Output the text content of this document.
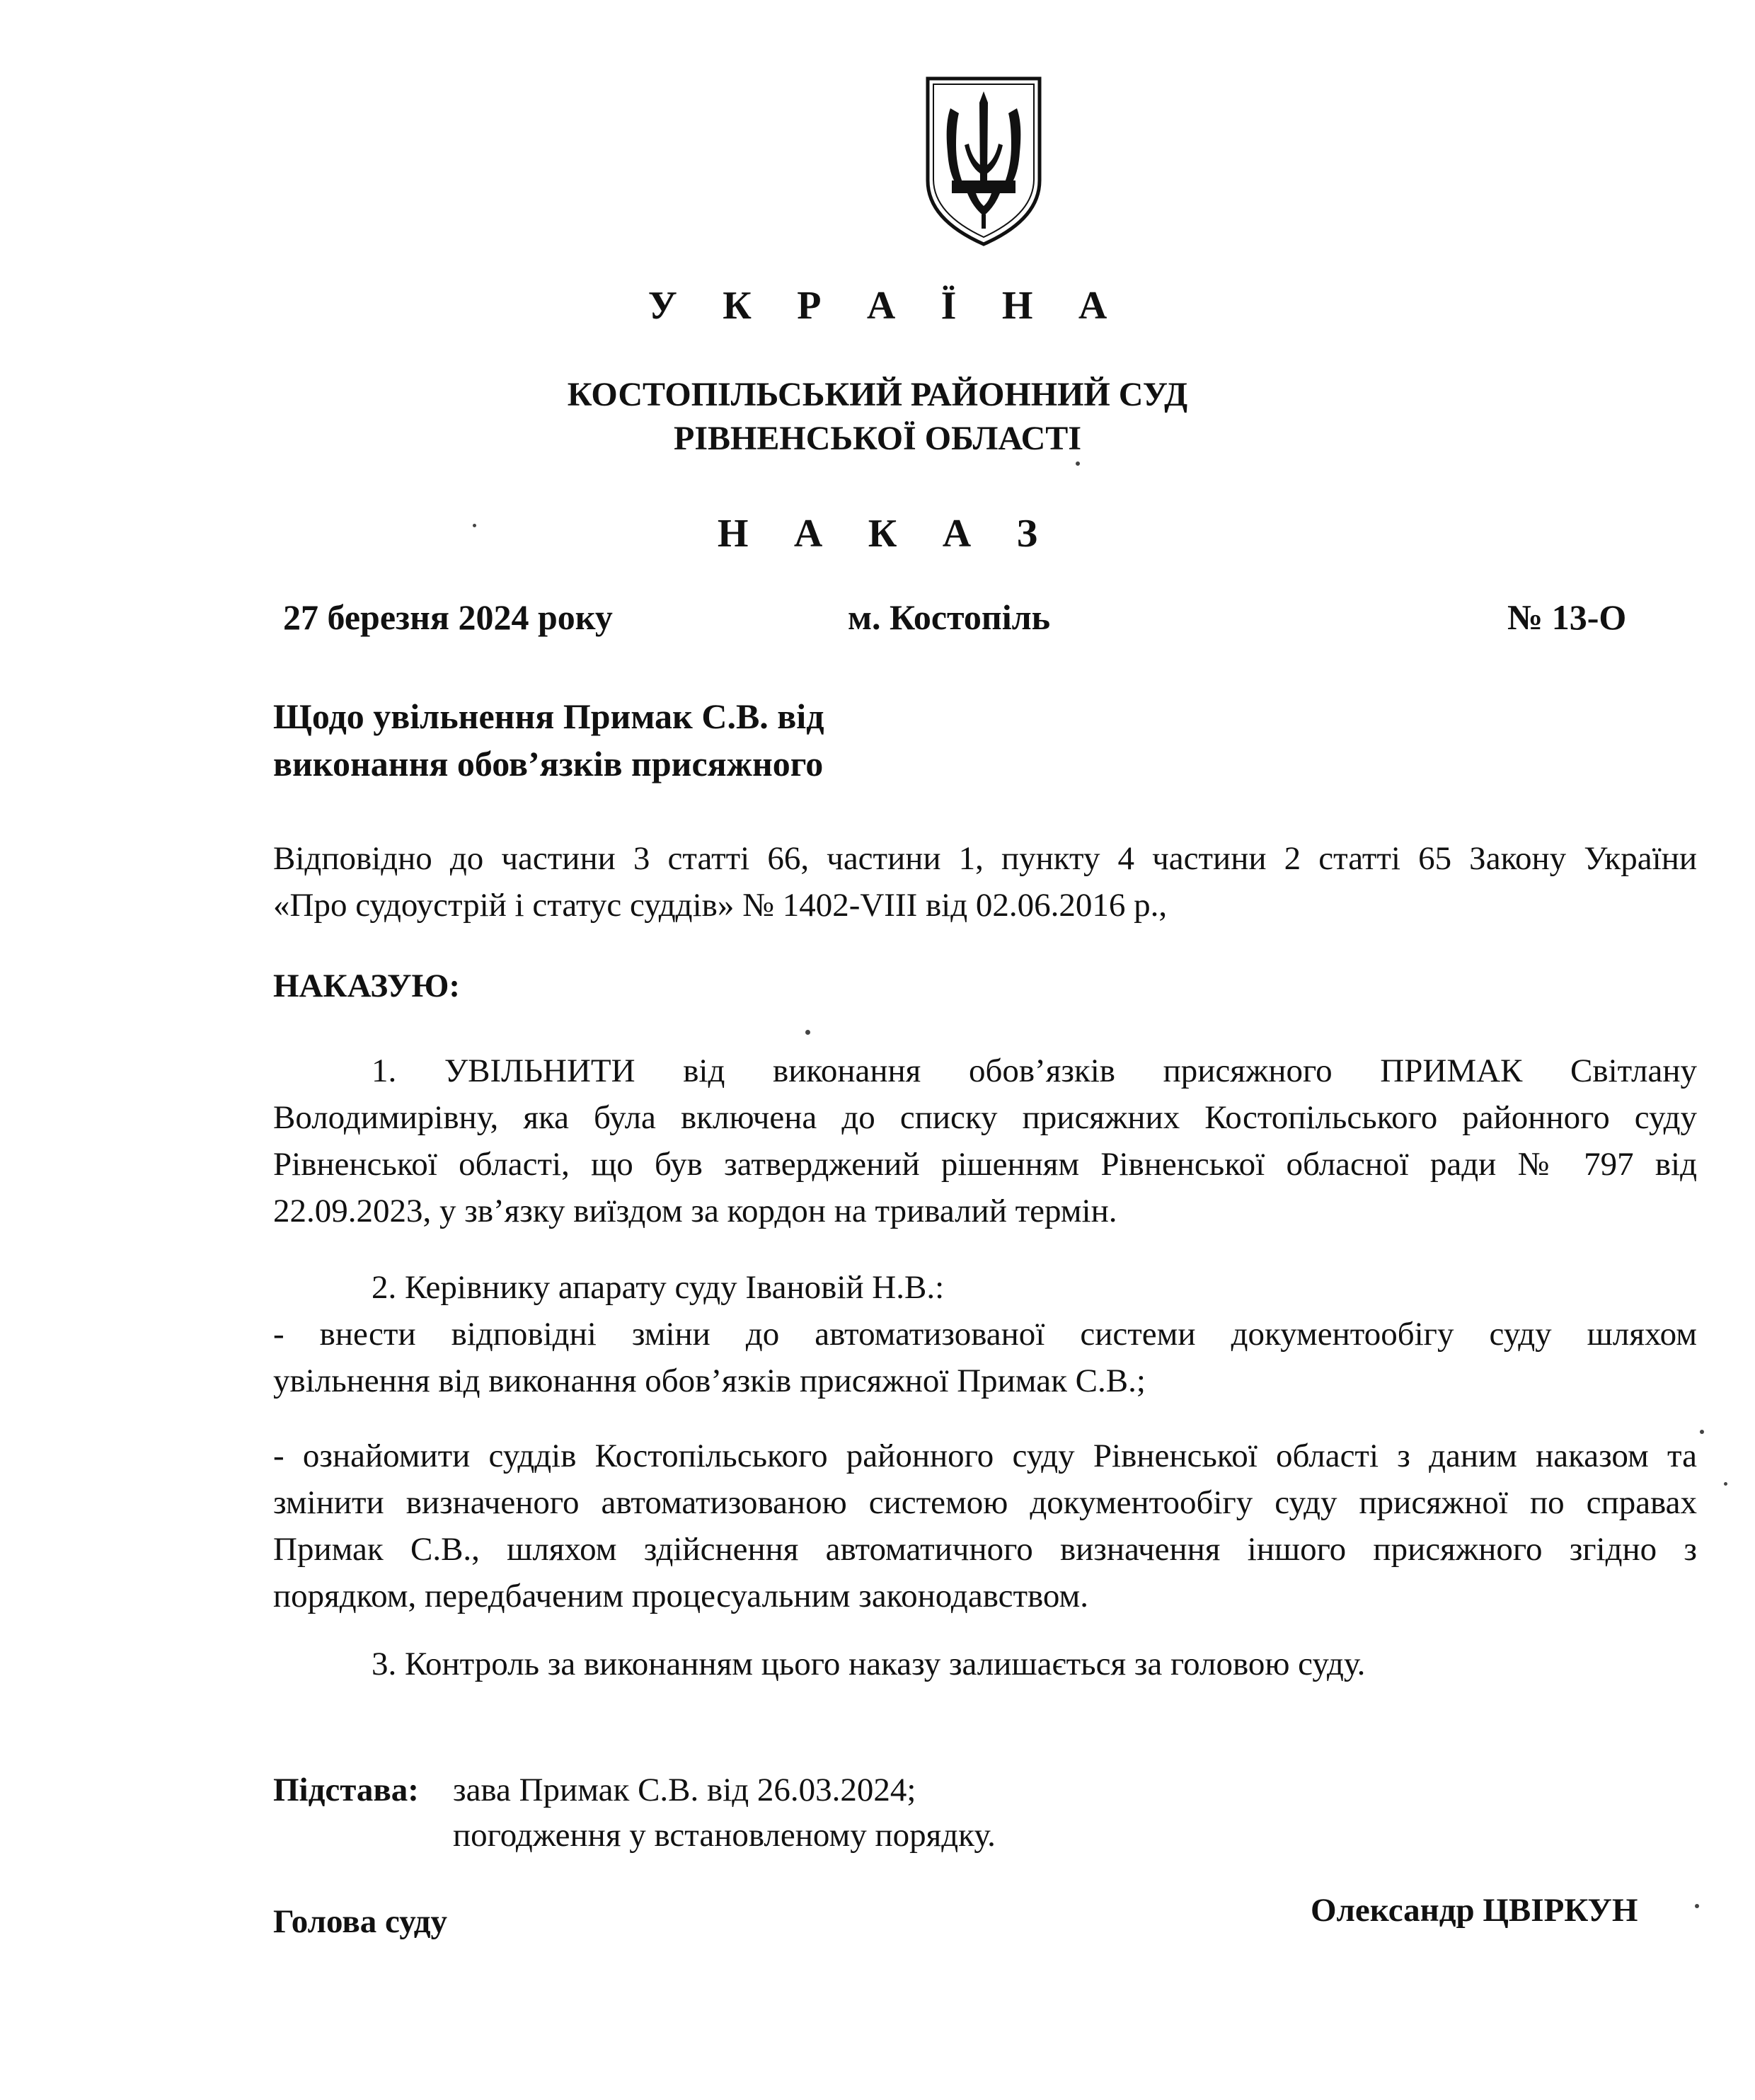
У К Р А Ї Н А
КОСТОПІЛЬСЬКИЙ РАЙОННИЙ СУД
РІВНЕНСЬКОЇ ОБЛАСТІ
Н А К А З
27 березня 2024 року	м. Костопіль	№ 13-О
Щодо увільнення Примак С.В. від
виконання обов’язків присяжного
Відповідно до частини 3 статті 66, частини 1, пункту 4 частини 2 статті 65 Закону України
«Про судоустрій і статус суддів» № 1402-VIII від 02.06.2016 р.,
НАКАЗУЮ:
1. УВІЛЬНИТИ від виконання обов’язків присяжного ПРИМАК Світлану
Володимирівну, яка була включена до списку присяжних Костопільського районного суду
Рівненської області, що був затверджений рішенням Рівненської обласної ради № 797 від
22.09.2023, у зв’язку виїздом за кордон на тривалий термін.
2. Керівнику апарату суду Івановій Н.В.:
- внести відповідні зміни до автоматизованої системи документообігу суду шляхом
увільнення від виконання обов’язків присяжної Примак С.В.;
- ознайомити суддів Костопільського районного суду Рівненської області з даним наказом та
змінити визначеного автоматизованою системою документообігу суду присяжної по справах
Примак С.В., шляхом здійснення автоматичного визначення іншого присяжного згідно з
порядком, передбаченим процесуальним законодавством.
3. Контроль за виконанням цього наказу залишається за головою суду.
Підстава: зава Примак С.В. від 26.03.2024;
погодження у встановленому порядку.
Голова суду	Олександр ЦВІРКУН
